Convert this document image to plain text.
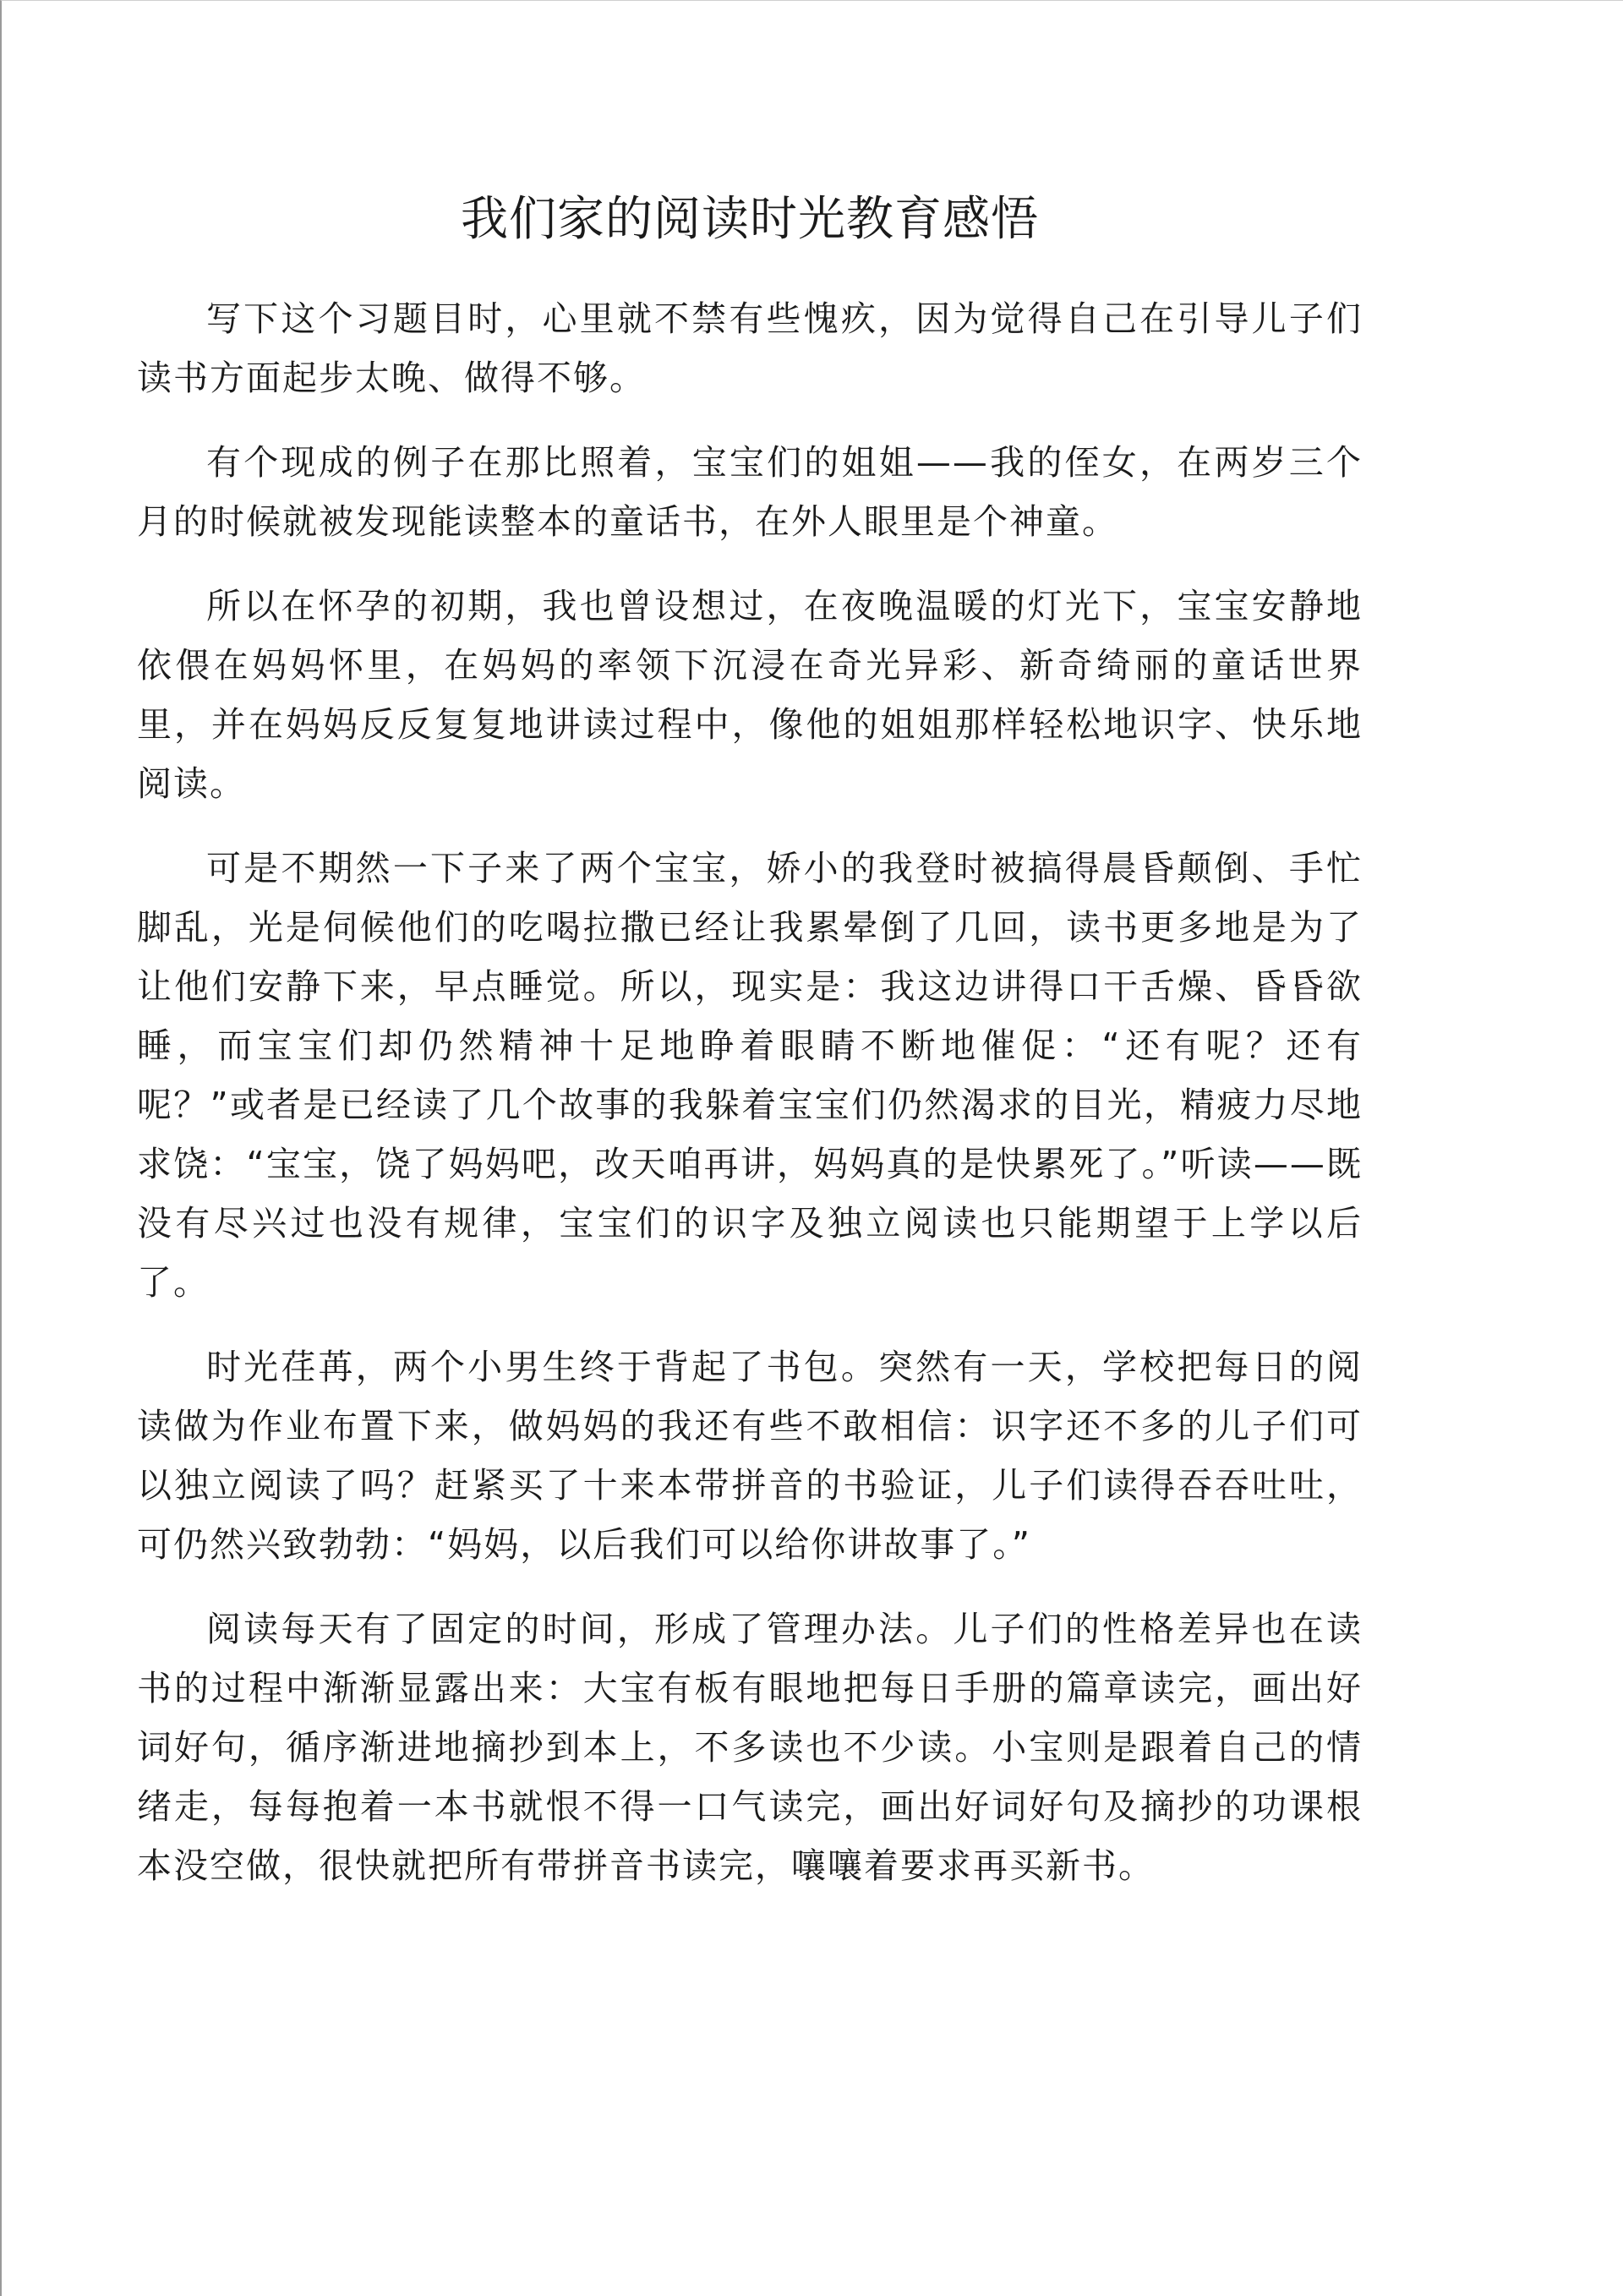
我们家的阅读时光教育感悟

写下这个习题目时，心里就不禁有些愧疚，因为觉得自己在引导儿子们读书方面起步太晚、做得不够。

有个现成的例子在那比照着，宝宝们的姐姐——我的侄女，在两岁三个月的时候就被发现能读整本的童话书，在外人眼里是个神童。

所以在怀孕的初期，我也曾设想过，在夜晚温暖的灯光下，宝宝安静地依偎在妈妈怀里，在妈妈的率领下沉浸在奇光异彩、新奇绮丽的童话世界里，并在妈妈反反复复地讲读过程中，像他的姐姐那样轻松地识字、快乐地阅读。

可是不期然一下子来了两个宝宝，娇小的我登时被搞得晨昏颠倒、手忙脚乱，光是伺候他们的吃喝拉撒已经让我累晕倒了几回，读书更多地是为了让他们安静下来，早点睡觉。所以，现实是：我这边讲得口干舌燥、昏昏欲睡，而宝宝们却仍然精神十足地睁着眼睛不断地催促：“还有呢？还有呢？”或者是已经读了几个故事的我躲着宝宝们仍然渴求的目光，精疲力尽地求饶：“宝宝，饶了妈妈吧，改天咱再讲，妈妈真的是快累死了。”听读——既没有尽兴过也没有规律，宝宝们的识字及独立阅读也只能期望于上学以后了。

时光荏苒，两个小男生终于背起了书包。突然有一天，学校把每日的阅读做为作业布置下来，做妈妈的我还有些不敢相信：识字还不多的儿子们可以独立阅读了吗？赶紧买了十来本带拼音的书验证，儿子们读得吞吞吐吐，可仍然兴致勃勃：“妈妈，以后我们可以给你讲故事了。”

阅读每天有了固定的时间，形成了管理办法。儿子们的性格差异也在读书的过程中渐渐显露出来：大宝有板有眼地把每日手册的篇章读完，画出好词好句，循序渐进地摘抄到本上，不多读也不少读。小宝则是跟着自己的情绪走，每每抱着一本书就恨不得一口气读完，画出好词好句及摘抄的功课根本没空做，很快就把所有带拼音书读完，嚷嚷着要求再买新书。
